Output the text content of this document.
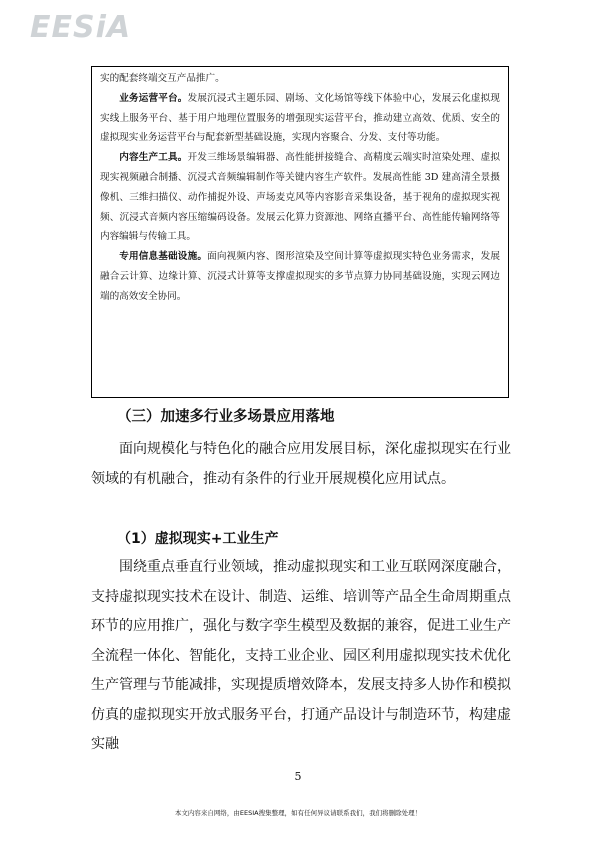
EESiA

实的配套终端交互产品推广。

业务运营平台。发展沉浸式主题乐园、剧场、文化场馆等线下体验中心，发展云化虚拟现实线上服务平台、基于用户地理位置服务的增强现实运营平台，推动建立高效、优质、安全的虚拟现实业务运营平台与配套新型基础设施，实现内容聚合、分发、支付等功能。

内容生产工具。开发三维场景编辑器、高性能拼接缝合、高精度云端实时渲染处理、虚拟现实视频融合制播、沉浸式音频编辑制作等关键内容生产软件。发展高性能 3D 建高清全景摄像机、三维扫描仪、动作捕捉外设、声场麦克风等内容影音采集设备，基于视角的虚拟现实视频、沉浸式音频内容压缩编码设备。发展云化算力资源池、网络直播平台、高性能传输网络等内容编辑与传输工具。

专用信息基础设施。面向视频内容、图形渲染及空间计算等虚拟现实特色业务需求，发展融合云计算、边缘计算、沉浸式计算等支撑虚拟现实的多节点算力协同基础设施，实现云网边端的高效安全协同。

（三）加速多行业多场景应用落地

面向规模化与特色化的融合应用发展目标，深化虚拟现实在行业领域的有机融合，推动有条件的行业开展规模化应用试点。

（1）虚拟现实+工业生产

围绕重点垂直行业领域，推动虚拟现实和工业互联网深度融合，支持虚拟现实技术在设计、制造、运维、培训等产品全生命周期重点环节的应用推广，强化与数字孪生模型及数据的兼容，促进工业生产全流程一体化、智能化，支持工业企业、园区利用虚拟现实技术优化生产管理与节能减排，实现提质增效降本，发展支持多人协作和模拟仿真的虚拟现实开放式服务平台，打通产品设计与制造环节，构建虚实融

5
本文内容来自网络，由EESIA搜集整理，如有任何异议请联系我们，我们将删除处理！
